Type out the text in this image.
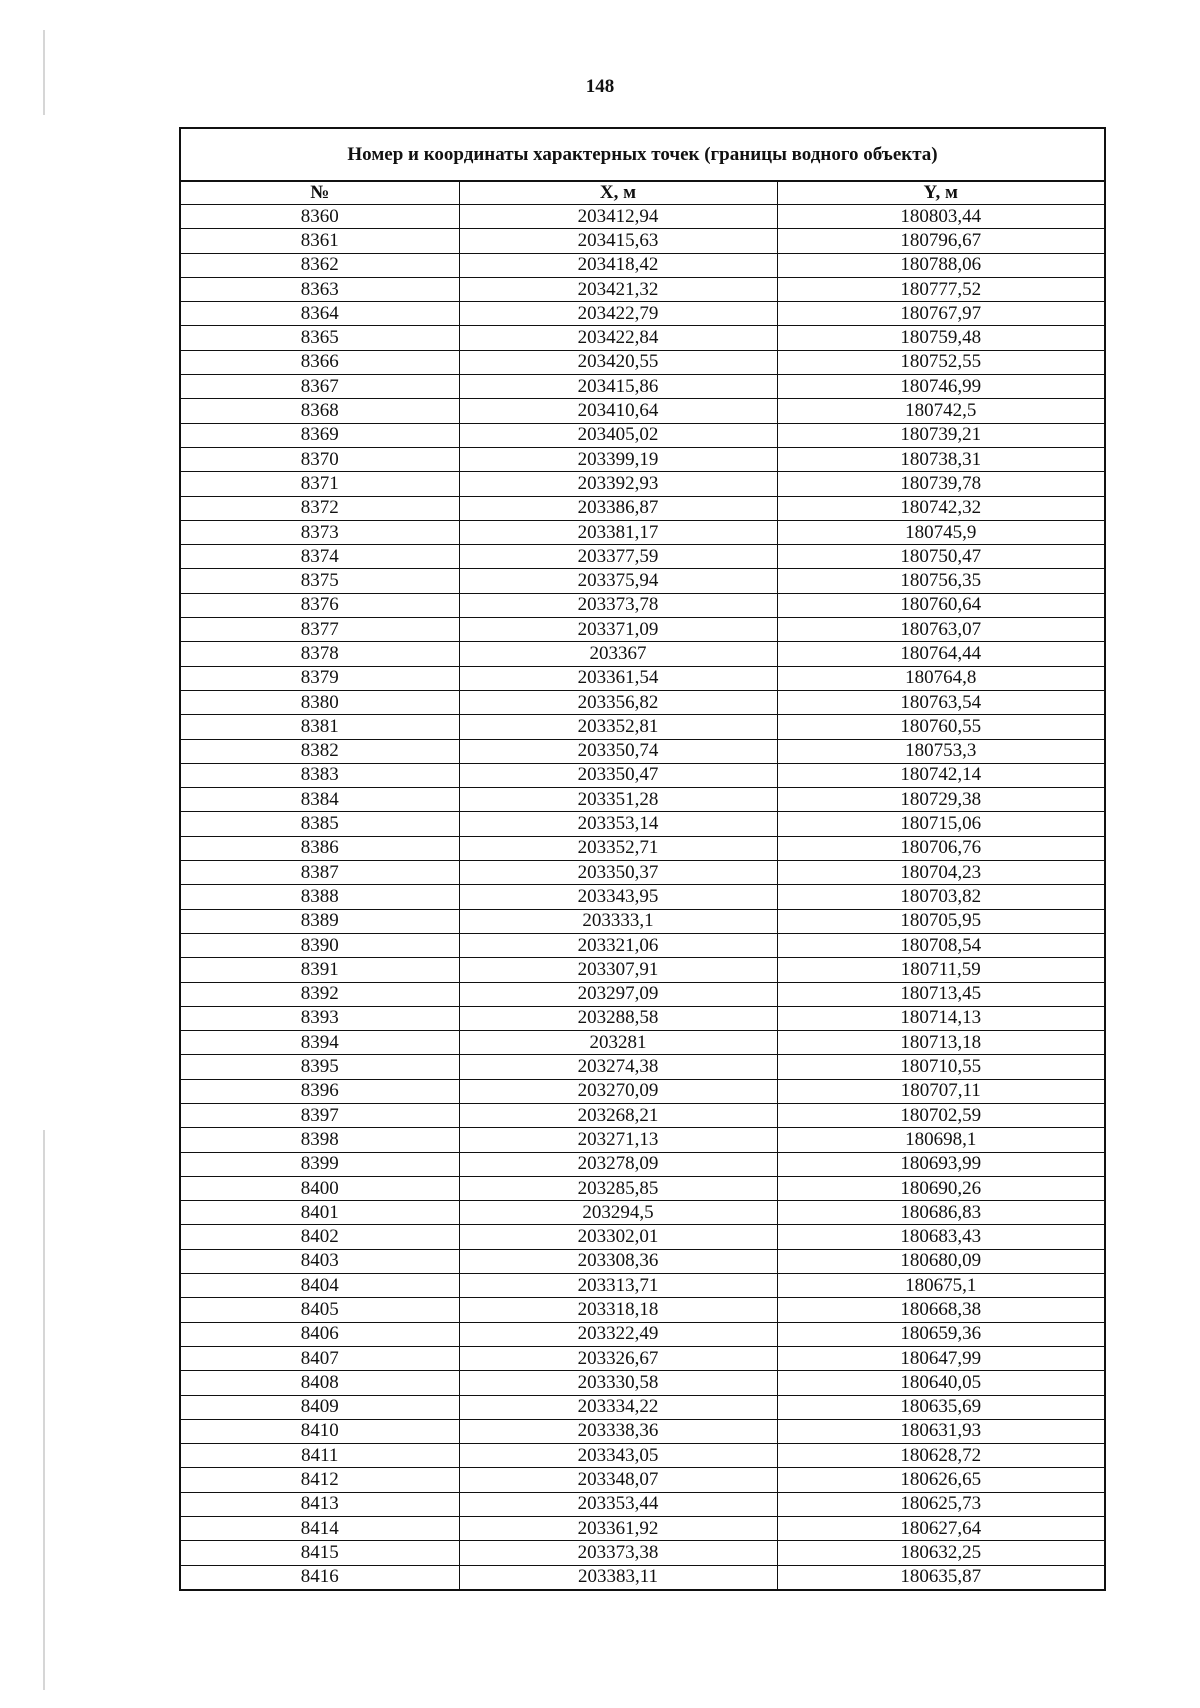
148
Номер и координаты характерных точек (границы водного объекта)		
№	X, м	Y, м
8360	203412,94	180803,44
8361	203415,63	180796,67
8362	203418,42	180788,06
8363	203421,32	180777,52
8364	203422,79	180767,97
8365	203422,84	180759,48
8366	203420,55	180752,55
8367	203415,86	180746,99
8368	203410,64	180742,5
8369	203405,02	180739,21
8370	203399,19	180738,31
8371	203392,93	180739,78
8372	203386,87	180742,32
8373	203381,17	180745,9
8374	203377,59	180750,47
8375	203375,94	180756,35
8376	203373,78	180760,64
8377	203371,09	180763,07
8378	203367	180764,44
8379	203361,54	180764,8
8380	203356,82	180763,54
8381	203352,81	180760,55
8382	203350,74	180753,3
8383	203350,47	180742,14
8384	203351,28	180729,38
8385	203353,14	180715,06
8386	203352,71	180706,76
8387	203350,37	180704,23
8388	203343,95	180703,82
8389	203333,1	180705,95
8390	203321,06	180708,54
8391	203307,91	180711,59
8392	203297,09	180713,45
8393	203288,58	180714,13
8394	203281	180713,18
8395	203274,38	180710,55
8396	203270,09	180707,11
8397	203268,21	180702,59
8398	203271,13	180698,1
8399	203278,09	180693,99
8400	203285,85	180690,26
8401	203294,5	180686,83
8402	203302,01	180683,43
8403	203308,36	180680,09
8404	203313,71	180675,1
8405	203318,18	180668,38
8406	203322,49	180659,36
8407	203326,67	180647,99
8408	203330,58	180640,05
8409	203334,22	180635,69
8410	203338,36	180631,93
8411	203343,05	180628,72
8412	203348,07	180626,65
8413	203353,44	180625,73
8414	203361,92	180627,64
8415	203373,38	180632,25
8416	203383,11	180635,87
